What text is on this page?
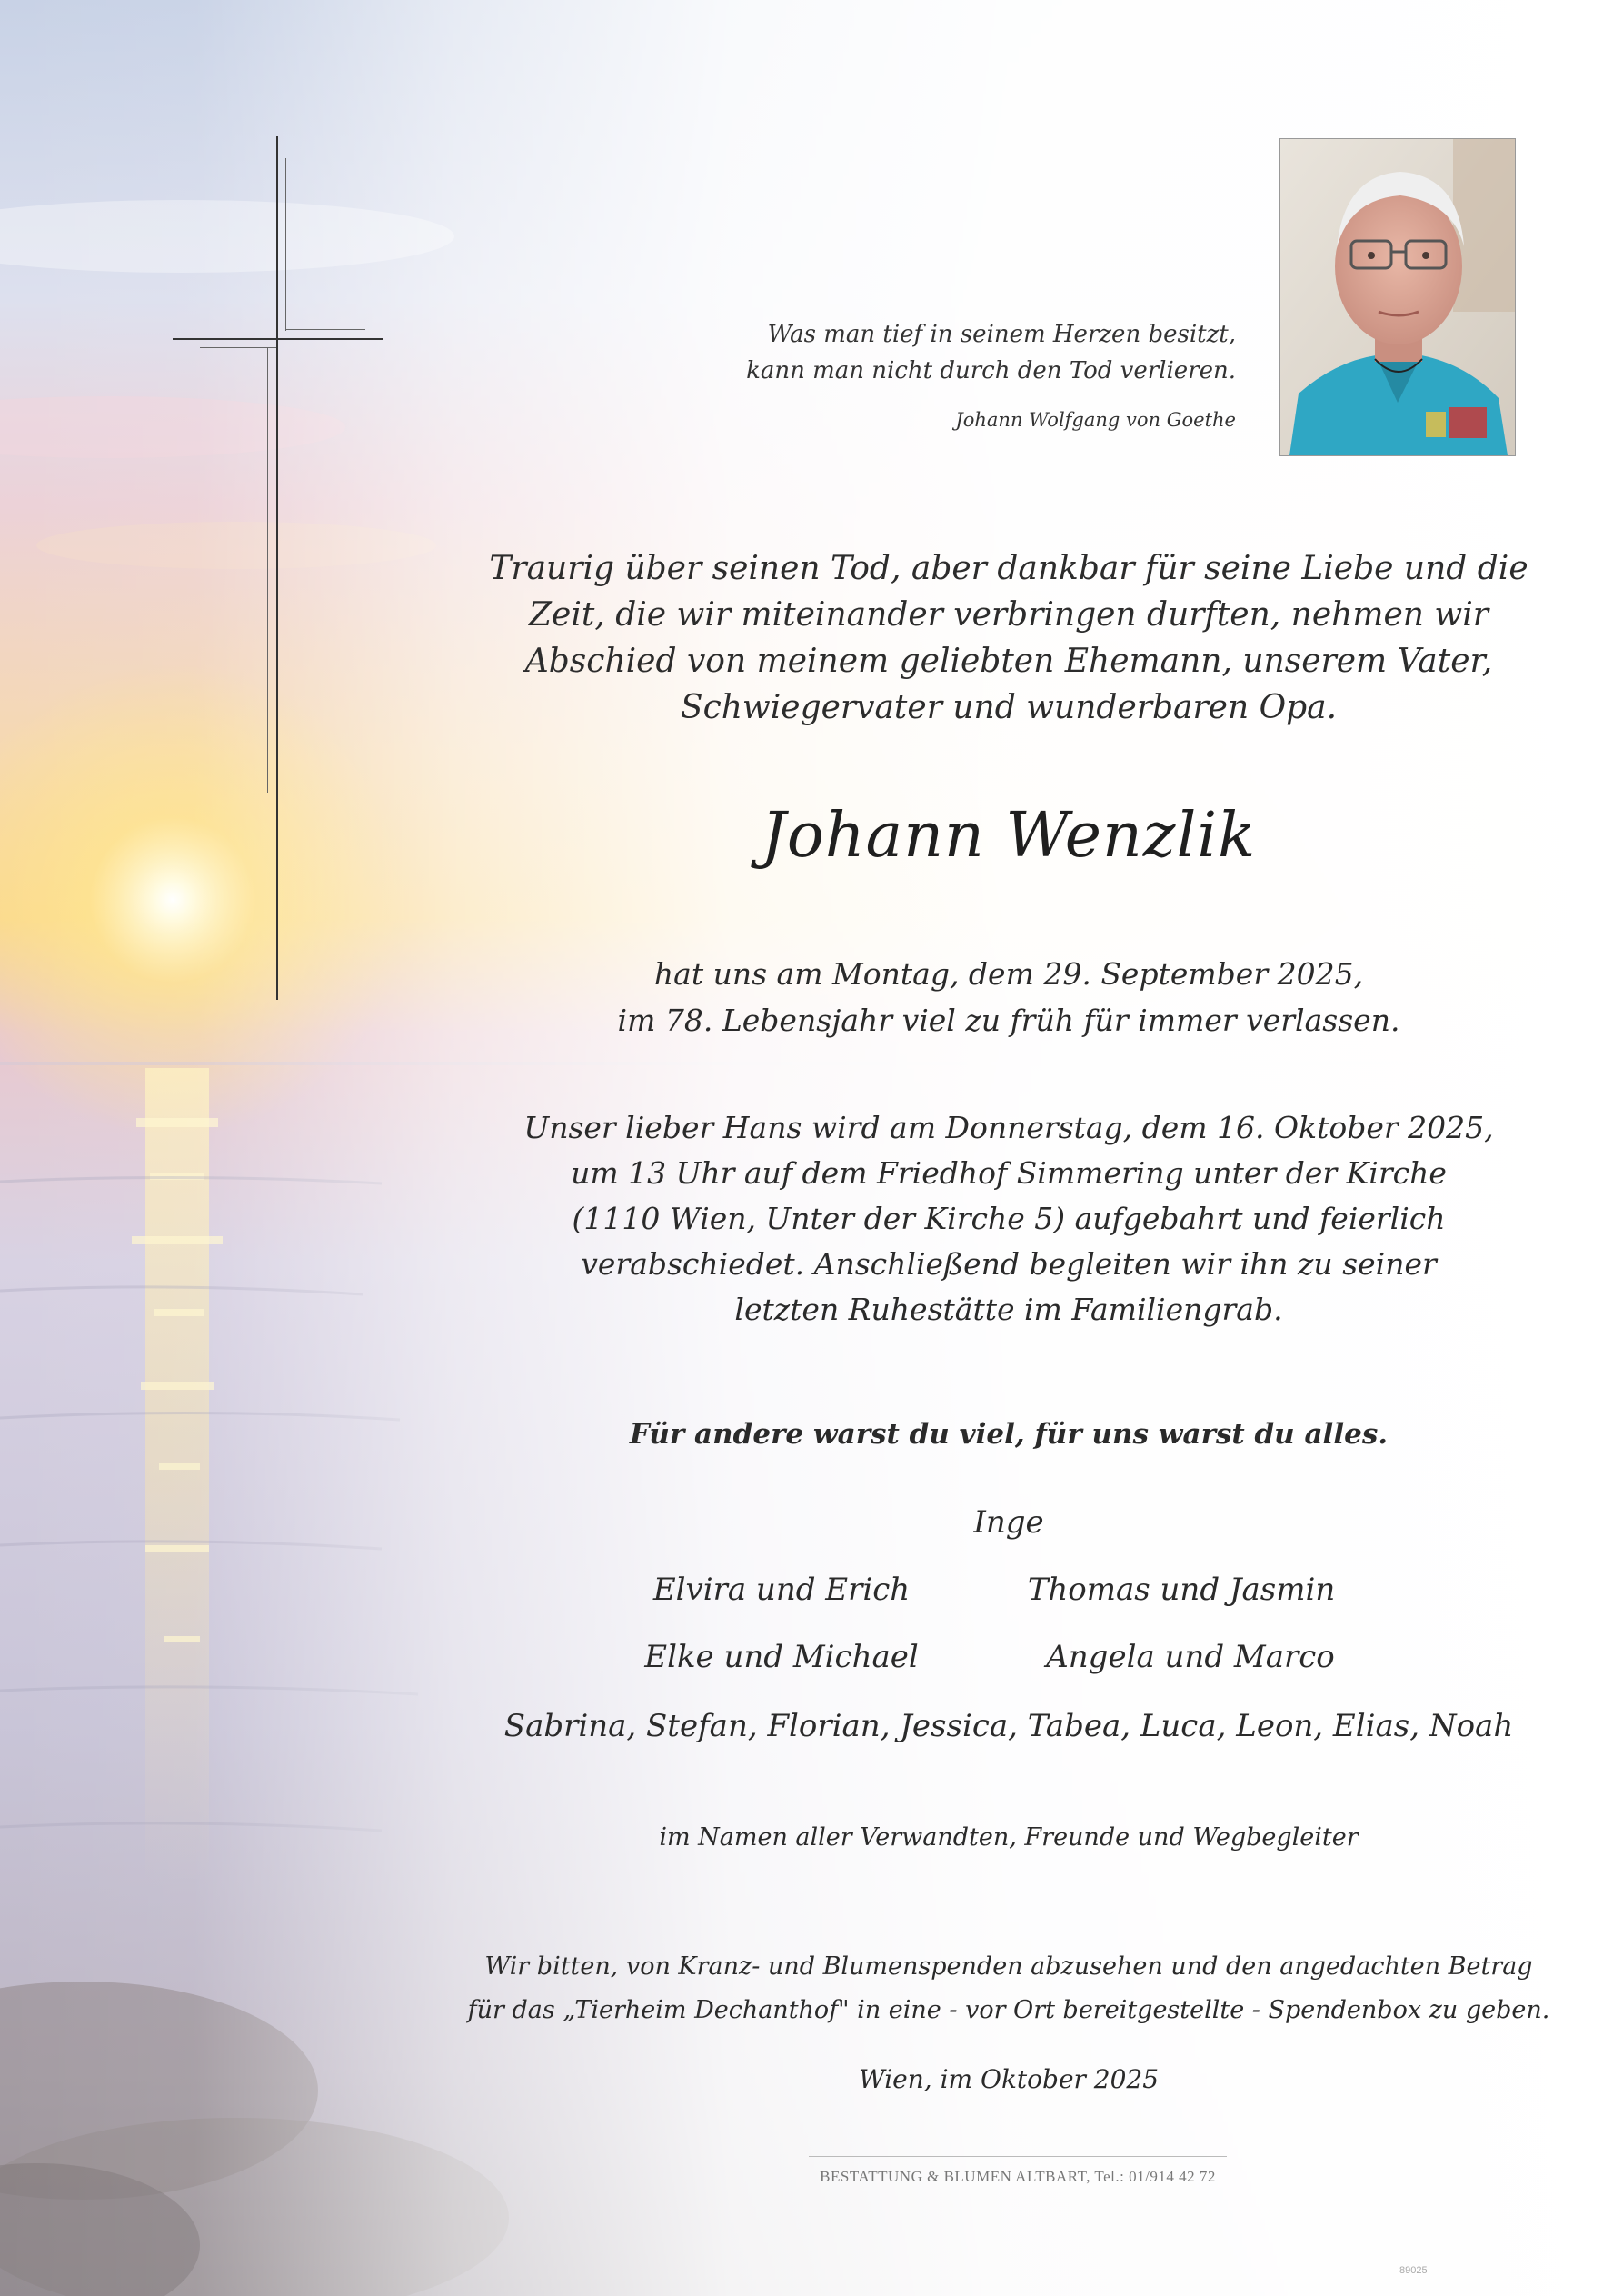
Was man tief in seinem Herzen besitzt,
kann man nicht durch den Tod verlieren.
Johann Wolfgang von Goethe
Traurig über seinen Tod, aber dankbar für seine Liebe und die
Zeit, die wir miteinander verbringen durften, nehmen wir
Abschied von meinem geliebten Ehemann, unserem Vater,
Schwiegervater und wunderbaren Opa.
Johann Wenzlik
hat uns am Montag, dem 29. September 2025,
im 78. Lebensjahr viel zu früh für immer verlassen.
Unser lieber Hans wird am Donnerstag, dem 16. Oktober 2025,
um 13 Uhr auf dem Friedhof Simmering unter der Kirche
(1110 Wien, Unter der Kirche 5) aufgebahrt und feierlich
verabschiedet. Anschließend begleiten wir ihn zu seiner
letzten Ruhestätte im Familiengrab.
Für andere warst du viel, für uns warst du alles.
Inge
Elvira und Erich	Thomas und Jasmin
Elke und Michael	Angela und Marco
Sabrina, Stefan, Florian, Jessica, Tabea, Luca, Leon, Elias, Noah
im Namen aller Verwandten, Freunde und Wegbegleiter
Wir bitten, von Kranz- und Blumenspenden abzusehen und den angedachten Betrag
für das „Tierheim Dechanthof" in eine - vor Ort bereitgestellte - Spendenbox zu geben.
Wien, im Oktober 2025
BESTATTUNG & BLUMEN ALTBART, Tel.: 01/914 42 72
89025
